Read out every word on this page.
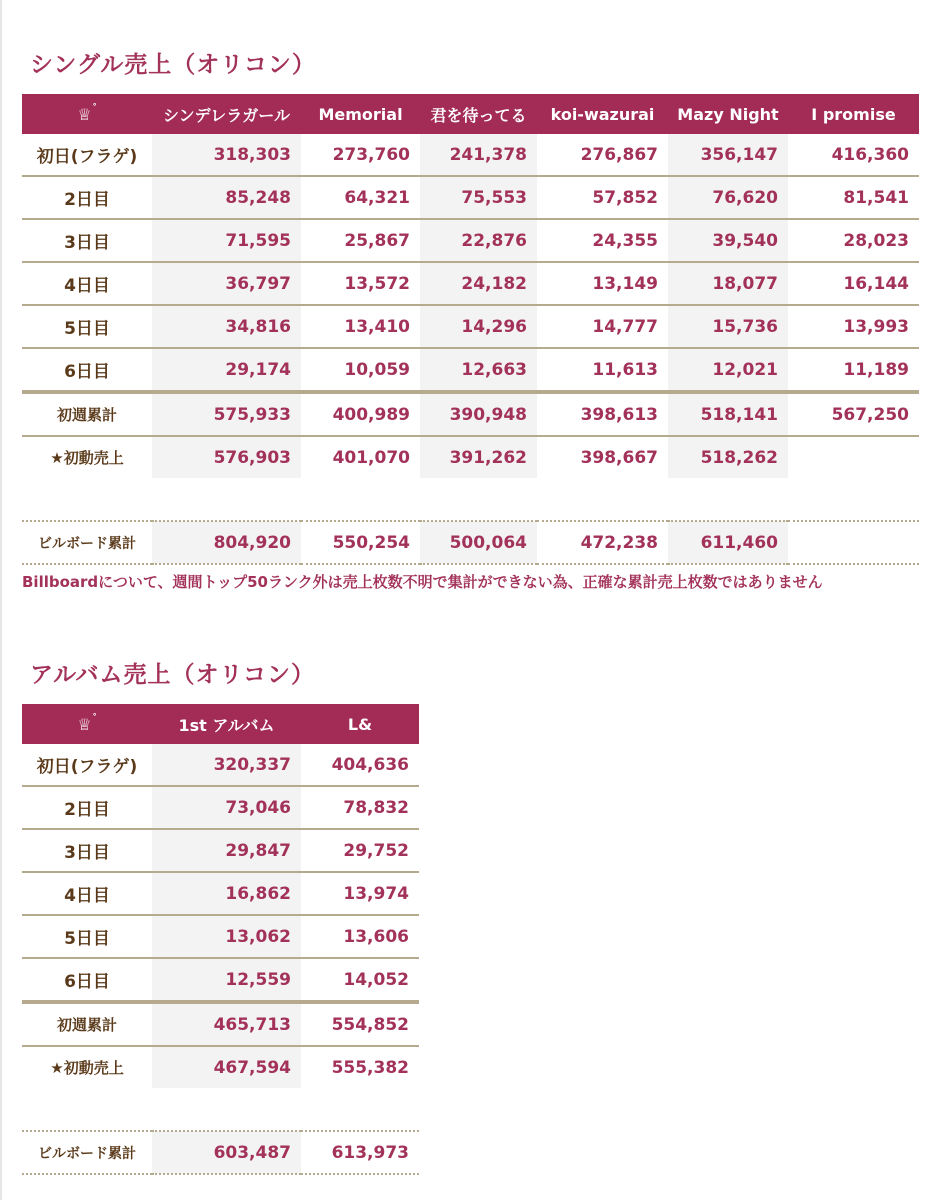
シングル売上（オリコン）
♕°	シンデレラガール	Memorial	君を待ってる	koi-wazurai	Mazy Night	I promise
初日(フラゲ)	318,303	273,760	241,378	276,867	356,147	416,360
2日目	85,248	64,321	75,553	57,852	76,620	81,541
3日目	71,595	25,867	22,876	24,355	39,540	28,023
4日目	36,797	13,572	24,182	13,149	18,077	16,144
5日目	34,816	13,410	14,296	14,777	15,736	13,993
6日目	29,174	10,059	12,663	11,613	12,021	11,189
初週累計	575,933	400,989	390,948	398,613	518,141	567,250
★初動売上	576,903	401,070	391,262	398,667	518,262	

ビルボード累計	804,920	550,254	500,064	472,238	611,460	
Billboardについて、週間トップ50ランク外は売上枚数不明で集計ができない為、正確な累計売上枚数ではありません
アルバム売上（オリコン）
♕°	1st アルバム	L&
初日(フラゲ)	320,337	404,636
2日目	73,046	78,832
3日目	29,847	29,752
4日目	16,862	13,974
5日目	13,062	13,606
6日目	12,559	14,052
初週累計	465,713	554,852
★初動売上	467,594	555,382

ビルボード累計	603,487	613,973
